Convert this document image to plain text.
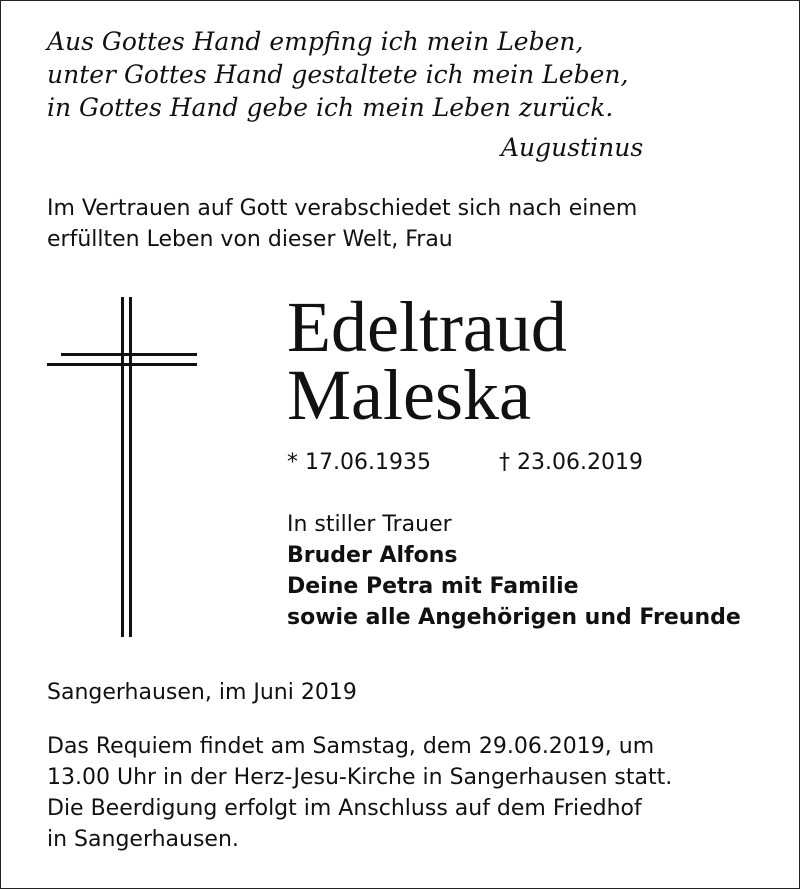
Aus Gottes Hand empfing ich mein Leben,
unter Gottes Hand gestaltete ich mein Leben,
in Gottes Hand gebe ich mein Leben zurück.
Augustinus
Im Vertrauen auf Gott verabschiedet sich nach einem
erfüllten Leben von dieser Welt, Frau
Edeltraud
Maleska
* 17.06.1935	† 23.06.2019
In stiller Trauer
Bruder Alfons
Deine Petra mit Familie
sowie alle Angehörigen und Freunde
Sangerhausen, im Juni 2019
Das Requiem findet am Samstag, dem 29.06.2019, um
13.00 Uhr in der Herz-Jesu-Kirche in Sangerhausen statt.
Die Beerdigung erfolgt im Anschluss auf dem Friedhof
in Sangerhausen.
